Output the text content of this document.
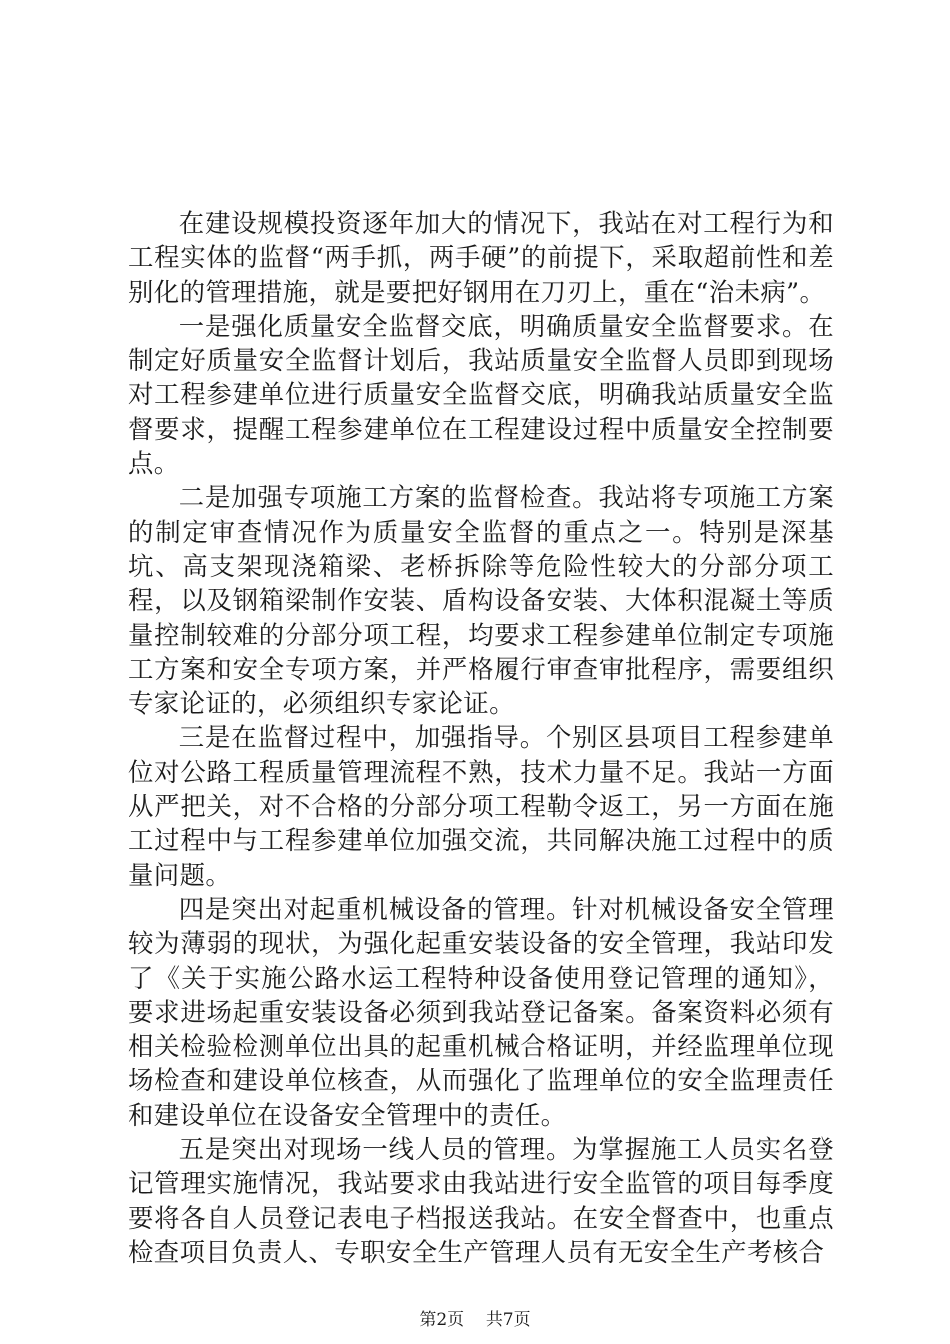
在建设规模投资逐年加大的情况下，我站在对工程行为和工程实体的监督“两手抓，两手硬”的前提下，采取超前性和差别化的管理措施，就是要把好钢用在刀刃上，重在“治未病”。

一是强化质量安全监督交底，明确质量安全监督要求。在制定好质量安全监督计划后，我站质量安全监督人员即到现场对工程参建单位进行质量安全监督交底，明确我站质量安全监督要求，提醒工程参建单位在工程建设过程中质量安全控制要点。

二是加强专项施工方案的监督检查。我站将专项施工方案的制定审查情况作为质量安全监督的重点之一。特别是深基坑、高支架现浇箱梁、老桥拆除等危险性较大的分部分项工程，以及钢箱梁制作安装、盾构设备安装、大体积混凝土等质量控制较难的分部分项工程，均要求工程参建单位制定专项施工方案和安全专项方案，并严格履行审查审批程序，需要组织专家论证的，必须组织专家论证。

三是在监督过程中，加强指导。个别区县项目工程参建单位对公路工程质量管理流程不熟，技术力量不足。我站一方面从严把关，对不合格的分部分项工程勒令返工，另一方面在施工过程中与工程参建单位加强交流，共同解决施工过程中的质量问题。

四是突出对起重机械设备的管理。针对机械设备安全管理较为薄弱的现状，为强化起重安装设备的安全管理，我站印发了《关于实施公路水运工程特种设备使用登记管理的通知》，要求进场起重安装设备必须到我站登记备案。备案资料必须有相关检验检测单位出具的起重机械合格证明，并经监理单位现场检查和建设单位核查，从而强化了监理单位的安全监理责任和建设单位在设备安全管理中的责任。

五是突出对现场一线人员的管理。为掌握施工人员实名登记管理实施情况，我站要求由我站进行安全监管的项目每季度要将各自人员登记表电子档报送我站。在安全督查中，也重点检查项目负责人、专职安全生产管理人员有无安全生产考核合

第2页 共7页
